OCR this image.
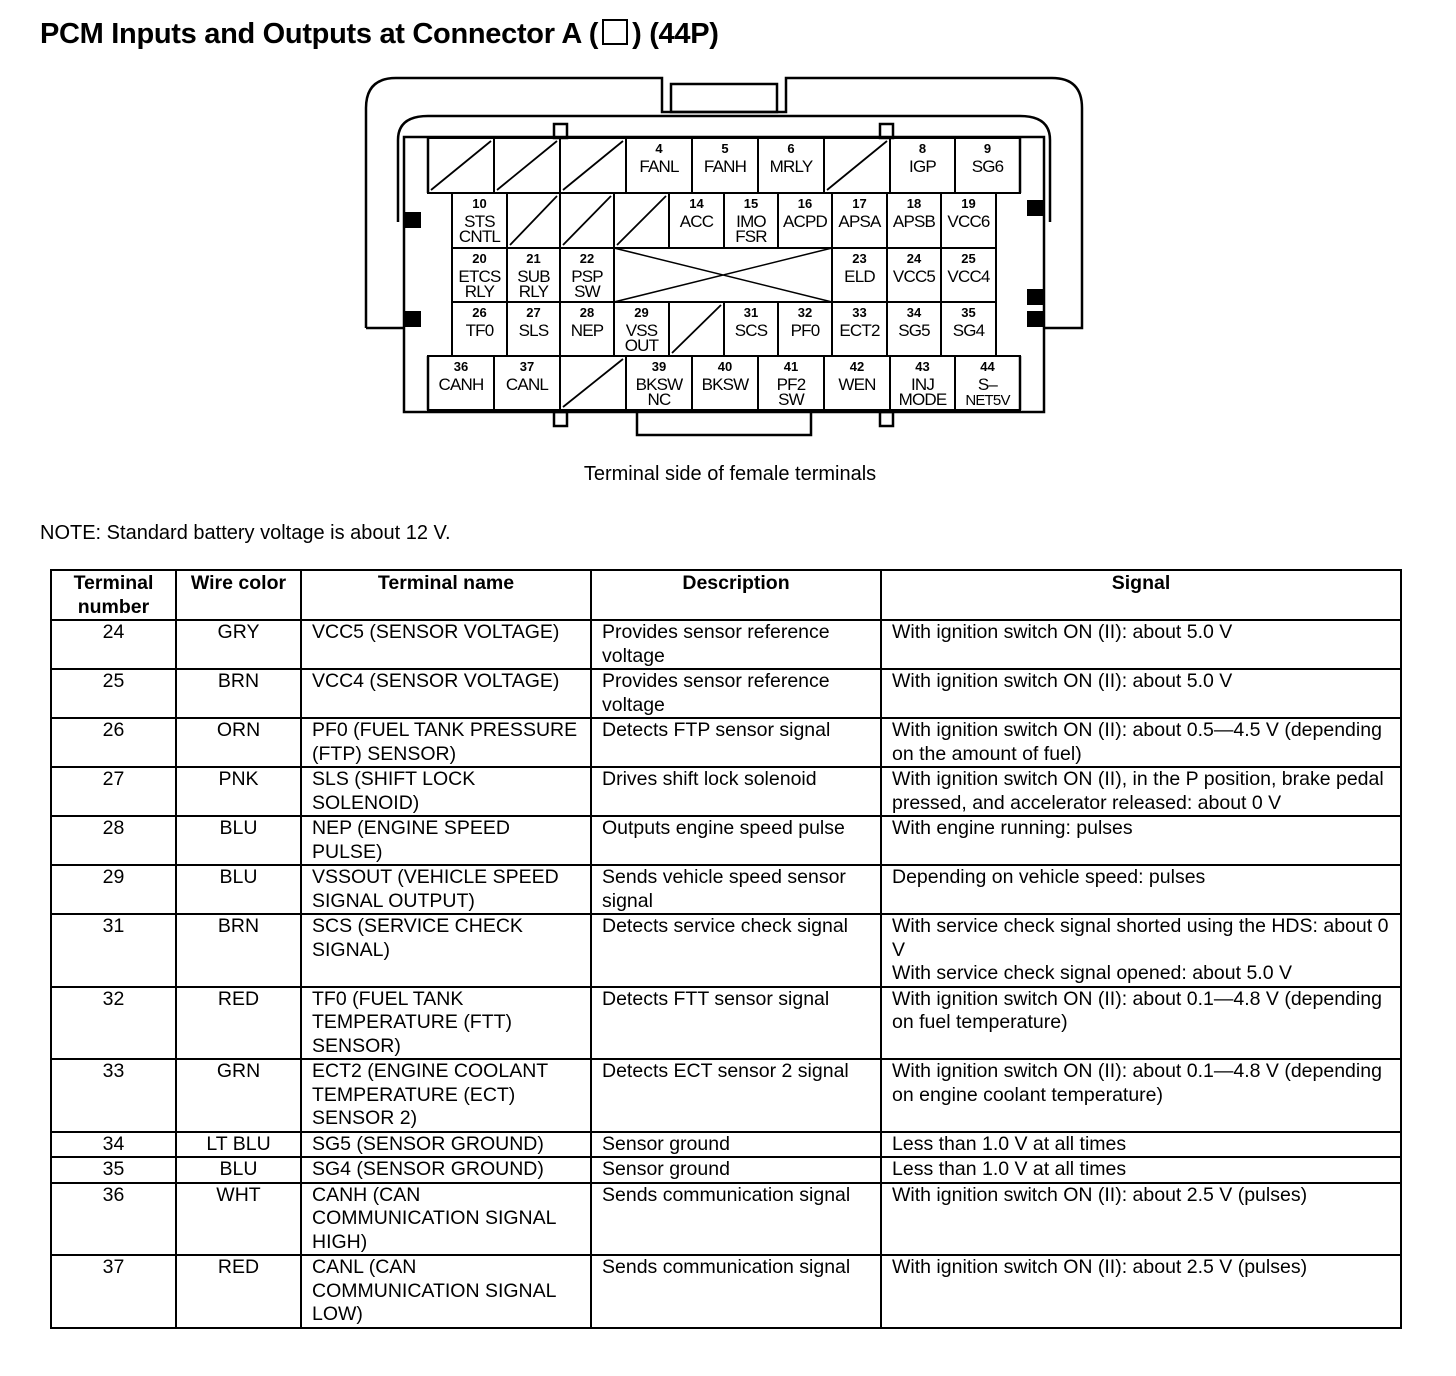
PCM Inputs and Outputs at Connector A ( ) (44P)
4
FANL
5
FANH
6
MRLY
8
IGP
9
SG6
10
STS
CNTL
14
ACC
15
IMO
FSR
16
ACPD
17
APSA
18
APSB
19
VCC6
20
ETCS
RLY
21
SUB
RLY
22
PSP
SW
23
ELD
24
VCC5
25
VCC4
26
TF0
27
SLS
28
NEP
29
VSS
OUT
31
SCS
32
PF0
33
ECT2
34
SG5
35
SG4
36
CANH
37
CANL
39
BKSW
NC
40
BKSW
41
PF2
SW
42
WEN
43
INJ
MODE
44
S–
NET5V
Terminal side of female terminals
NOTE: Standard battery voltage is about 12 V.
Terminal number	Wire color	Terminal name	Description	Signal
24	GRY	VCC5 (SENSOR VOLTAGE)	Provides sensor reference voltage	With ignition switch ON (II): about 5.0 V
25	BRN	VCC4 (SENSOR VOLTAGE)	Provides sensor reference voltage	With ignition switch ON (II): about 5.0 V
26	ORN	PF0 (FUEL TANK PRESSURE (FTP) SENSOR)	Detects FTP sensor signal	With ignition switch ON (II): about 0.5—4.5 V (depending on the amount of fuel)
27	PNK	SLS (SHIFT LOCK SOLENOID)	Drives shift lock solenoid	With ignition switch ON (II), in the P position, brake pedal pressed, and accelerator released: about 0 V
28	BLU	NEP (ENGINE SPEED PULSE)	Outputs engine speed pulse	With engine running: pulses
29	BLU	VSSOUT (VEHICLE SPEED SIGNAL OUTPUT)	Sends vehicle speed sensor signal	Depending on vehicle speed: pulses
31	BRN	SCS (SERVICE CHECK SIGNAL)	Detects service check signal	With service check signal shorted using the HDS: about 0 V
With service check signal opened: about 5.0 V
32	RED	TF0 (FUEL TANK TEMPERATURE (FTT) SENSOR)	Detects FTT sensor signal	With ignition switch ON (II): about 0.1—4.8 V (depending on fuel temperature)
33	GRN	ECT2 (ENGINE COOLANT TEMPERATURE (ECT) SENSOR 2)	Detects ECT sensor 2 signal	With ignition switch ON (II): about 0.1—4.8 V (depending on engine coolant temperature)
34	LT BLU	SG5 (SENSOR GROUND)	Sensor ground	Less than 1.0 V at all times
35	BLU	SG4 (SENSOR GROUND)	Sensor ground	Less than 1.0 V at all times
36	WHT	CANH (CAN COMMUNICATION SIGNAL HIGH)	Sends communication signal	With ignition switch ON (II): about 2.5 V (pulses)
37	RED	CANL (CAN COMMUNICATION SIGNAL LOW)	Sends communication signal	With ignition switch ON (II): about 2.5 V (pulses)
